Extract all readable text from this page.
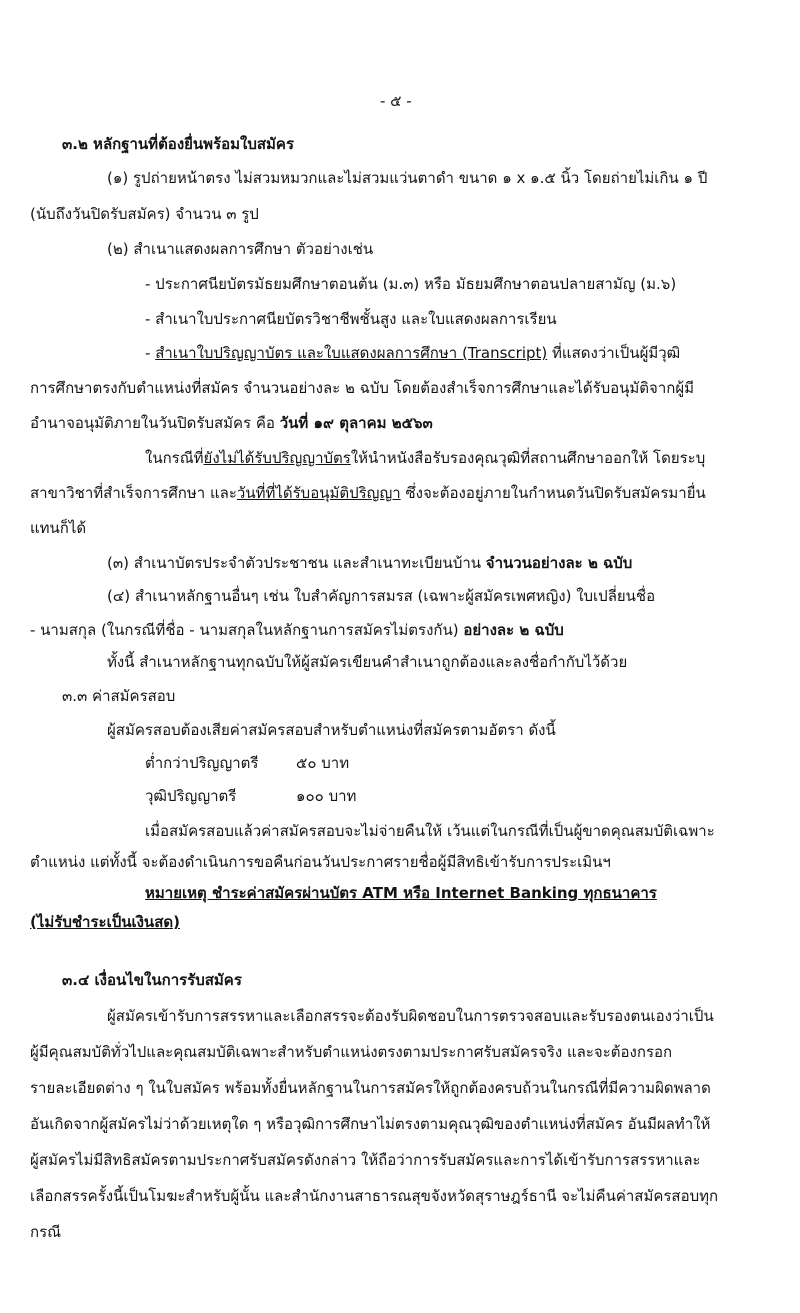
- ๕ -
๓.๒ หลักฐานที่ต้องยื่นพร้อมใบสมัคร
(๑) รูปถ่ายหน้าตรง ไม่สวมหมวกและไม่สวมแว่นตาดำ ขนาด ๑ x ๑.๕ นิ้ว โดยถ่ายไม่เกิน ๑ ปี
(นับถึงวันปิดรับสมัคร) จำนวน ๓ รูป
(๒) สำเนาแสดงผลการศึกษา ตัวอย่างเช่น
- ประกาศนียบัตรมัธยมศึกษาตอนต้น (ม.๓) หรือ มัธยมศึกษาตอนปลายสามัญ (ม.๖)
- สำเนาใบประกาศนียบัตรวิชาชีพชั้นสูง และใบแสดงผลการเรียน
- สำเนาใบปริญญาบัตร และใบแสดงผลการศึกษา (Transcript) ที่แสดงว่าเป็นผู้มีวุฒิ
การศึกษาตรงกับตำแหน่งที่สมัคร จำนวนอย่างละ ๒ ฉบับ โดยต้องสำเร็จการศึกษาและได้รับอนุมัติจากผู้มี
อำนาจอนุมัติภายในวันปิดรับสมัคร คือ วันที่ ๑๙ ตุลาคม ๒๕๖๓
ในกรณีที่ยังไม่ได้รับปริญญาบัตรให้นำหนังสือรับรองคุณวุฒิที่สถานศึกษาออกให้ โดยระบุ
สาขาวิชาที่สำเร็จการศึกษา และวันที่ที่ได้รับอนุมัติปริญญา ซึ่งจะต้องอยู่ภายในกำหนดวันปิดรับสมัครมายื่น
แทนก็ได้
(๓) สำเนาบัตรประจำตัวประชาชน และสำเนาทะเบียนบ้าน จำนวนอย่างละ ๒ ฉบับ
(๔) สำเนาหลักฐานอื่นๆ เช่น ใบสำคัญการสมรส (เฉพาะผู้สมัครเพศหญิง) ใบเปลี่ยนชื่อ
- นามสกุล (ในกรณีที่ชื่อ - นามสกุลในหลักฐานการสมัครไม่ตรงกัน) อย่างละ ๒ ฉบับ
ทั้งนี้ สำเนาหลักฐานทุกฉบับให้ผู้สมัครเขียนคำสำเนาถูกต้องและลงชื่อกำกับไว้ด้วย
๓.๓ ค่าสมัครสอบ
ผู้สมัครสอบต้องเสียค่าสมัครสอบสำหรับตำแหน่งที่สมัครตามอัตรา ดังนี้
ต่ำกว่าปริญญาตรี	๕๐ บาท
วุฒิปริญญาตรี	๑๐๐ บาท
เมื่อสมัครสอบแล้วค่าสมัครสอบจะไม่จ่ายคืนให้ เว้นแต่ในกรณีที่เป็นผู้ขาดคุณสมบัติเฉพาะ
ตำแหน่ง แต่ทั้งนี้ จะต้องดำเนินการขอคืนก่อนวันประกาศรายชื่อผู้มีสิทธิเข้ารับการประเมินฯ
หมายเหตุ ชำระค่าสมัครผ่านบัตร ATM หรือ Internet Banking ทุกธนาคาร
(ไม่รับชำระเป็นเงินสด)
๓.๔ เงื่อนไขในการรับสมัคร
ผู้สมัครเข้ารับการสรรหาและเลือกสรรจะต้องรับผิดชอบในการตรวจสอบและรับรองตนเองว่าเป็น
ผู้มีคุณสมบัติทั่วไปและคุณสมบัติเฉพาะสำหรับตำแหน่งตรงตามประกาศรับสมัครจริง และจะต้องกรอก
รายละเอียดต่าง ๆ ในใบสมัคร พร้อมทั้งยื่นหลักฐานในการสมัครให้ถูกต้องครบถ้วนในกรณีที่มีความผิดพลาด
อันเกิดจากผู้สมัครไม่ว่าด้วยเหตุใด ๆ หรือวุฒิการศึกษาไม่ตรงตามคุณวุฒิของตำแหน่งที่สมัคร อันมีผลทำให้
ผู้สมัครไม่มีสิทธิสมัครตามประกาศรับสมัครดังกล่าว ให้ถือว่าการรับสมัครและการได้เข้ารับการสรรหาและ
เลือกสรรครั้งนี้เป็นโมฆะสำหรับผู้นั้น และสำนักงานสาธารณสุขจังหวัดสุราษฎร์ธานี จะไม่คืนค่าสมัครสอบทุก
กรณี
